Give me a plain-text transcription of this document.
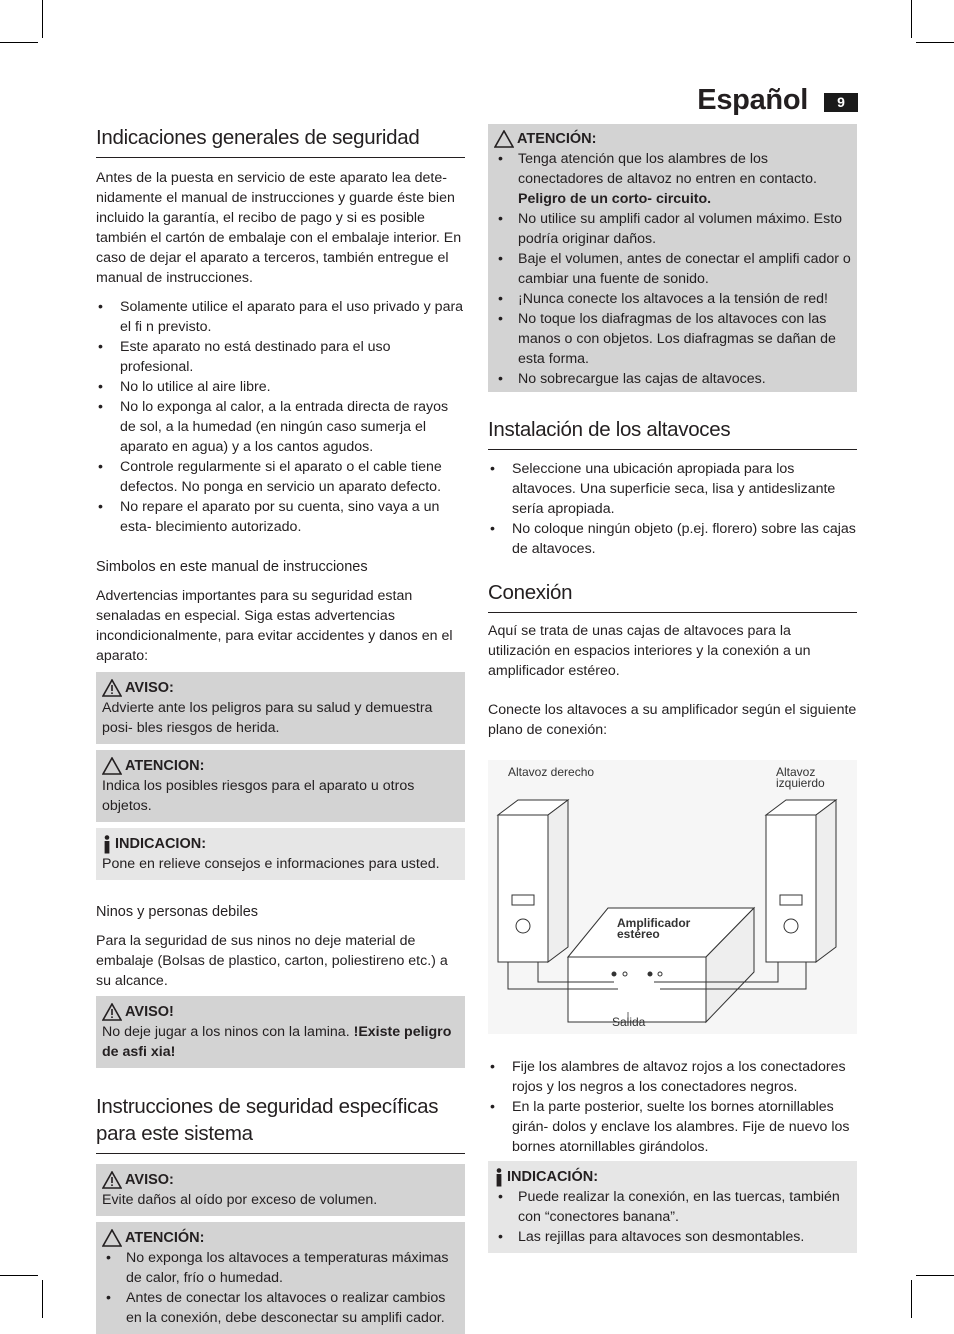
Español	9
Indicaciones generales de seguridad

Antes de la puesta en servicio de este aparato lea dete- nidamente el manual de instrucciones y guarde éste bien incluido la garantía, el recibo de pago y si es posible también el cartón de embalaje con el embalaje interior. En caso de dejar el aparato a terceros, también entregue el manual de instrucciones.

• Solamente utilice el aparato para el uso privado y para el fi n previsto.
• Este aparato no está destinado para el uso profesional.
• No lo utilice al aire libre.
• No lo exponga al calor, a la entrada directa de rayos de sol, a la humedad (en ningún caso sumerja el aparato en agua) y a los cantos agudos.
• Controle regularmente si el aparato o el cable tiene defectos. No ponga en servicio un aparato defecto.
• No repare el aparato por su cuenta, sino vaya a un esta- blecimiento autorizado.
Simbolos en este manual de instrucciones

Advertencias importantes para su seguridad estan senaladas en especial. Siga estas advertencias incondicionalmente, para evitar accidentes y danos en el aparato:

AVISO:

Advierte ante los peligros para su salud y demuestra posi- bles riesgos de herida.

ATENCION:

Indica los posibles riesgos para el aparato u otros objetos.

INDICACION:

Pone en relieve consejos e informaciones para usted.

Ninos y personas debiles

Para la seguridad de sus ninos no deje material de embalaje (Bolsas de plastico, carton, poliestireno etc.) a su alcance.

AVISO!

No deje jugar a los ninos con la lamina. !Existe peligro de asfi xia!

Instrucciones de seguridad especíﬁcas para este sistema
AVISO:

Evite daños al oído por exceso de volumen.

ATENCIÓN:
• No exponga los altavoces a temperaturas máximas de calor, frío o humedad.
• Antes de conectar los altavoces o realizar cambios en la conexión, debe desconectar su amplifi cador.
ATENCIÓN:
• Tenga atención que los alambres de los conectadores de altavoz no entren en contacto. Peligro de un corto- circuito.
• No utilice su amplifi cador al volumen máximo. Esto podría originar daños.
• Baje el volumen, antes de conectar el amplifi cador o cambiar una fuente de sonido.
• ¡Nunca conecte los altavoces a la tensión de red!
• No toque los diafragmas de los altavoces con las manos o con objetos. Los diafragmas se dañan de esta forma.
• No sobrecargue las cajas de altavoces.
Instalación de los altavoces
• Seleccione una ubicación apropiada para los altavoces. Una superficie seca, lisa y antideslizante sería apropiada.
• No coloque ningún objeto (p.ej. florero) sobre las cajas de altavoces.
Conexión

Aquí se trata de unas cajas de altavoces para la utilización en espacios interiores y la conexión a un amplificador estéreo.

Conecte los altavoces a su amplificador según el siguiente plano de conexión:

Altavoz derecho	Altavoz
izquierdo
Amplificador
estéreo
Salida
• Fije los alambres de altavoz rojos a los conectadores rojos y los negros a los conectadores negros.
• En la parte posterior, suelte los bornes atornillables girán- dolos y enclave los alambres. Fije de nuevo los bornes atornillables girándolos.
INDICACIÓN:
• Puede realizar la conexión, en las tuercas, también con “conectores banana”.
• Las rejillas para altavoces son desmontables.
